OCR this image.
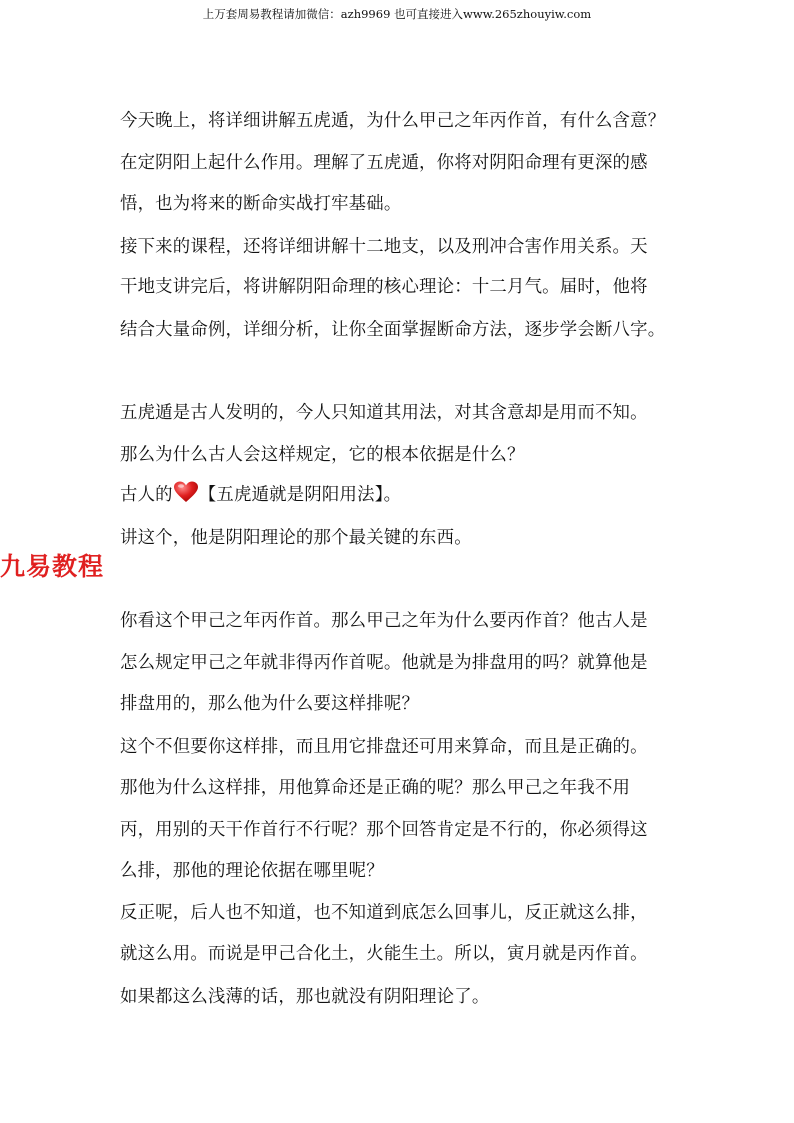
上万套周易教程请加微信：azh9969 也可直接进入www.265zhouyiw.com
今天晚上，将详细讲解五虎遁，为什么甲己之年丙作首，有什么含意？
在定阴阳上起什么作用。理解了五虎遁，你将对阴阳命理有更深的感
悟，也为将来的断命实战打牢基础。
接下来的课程，还将详细讲解十二地支，以及刑冲合害作用关系。天
干地支讲完后，将讲解阴阳命理的核心理论：十二月气。届时，他将
结合大量命例，详细分析，让你全面掌握断命方法，逐步学会断八字。
五虎遁是古人发明的，今人只知道其用法，对其含意却是用而不知。
那么为什么古人会这样规定，它的根本依据是什么？
古人的 【五虎遁就是阴阳用法】。
讲这个，他是阴阳理论的那个最关键的东西。
九易教程
你看这个甲己之年丙作首。那么甲己之年为什么要丙作首？他古人是
怎么规定甲己之年就非得丙作首呢。他就是为排盘用的吗？就算他是
排盘用的，那么他为什么要这样排呢？
这个不但要你这样排，而且用它排盘还可用来算命，而且是正确的。
那他为什么这样排，用他算命还是正确的呢？那么甲己之年我不用
丙，用别的天干作首行不行呢？那个回答肯定是不行的，你必须得这
么排，那他的理论依据在哪里呢？
反正呢，后人也不知道，也不知道到底怎么回事儿，反正就这么排，
就这么用。而说是甲己合化土，火能生土。所以，寅月就是丙作首。
如果都这么浅薄的话，那也就没有阴阳理论了。
